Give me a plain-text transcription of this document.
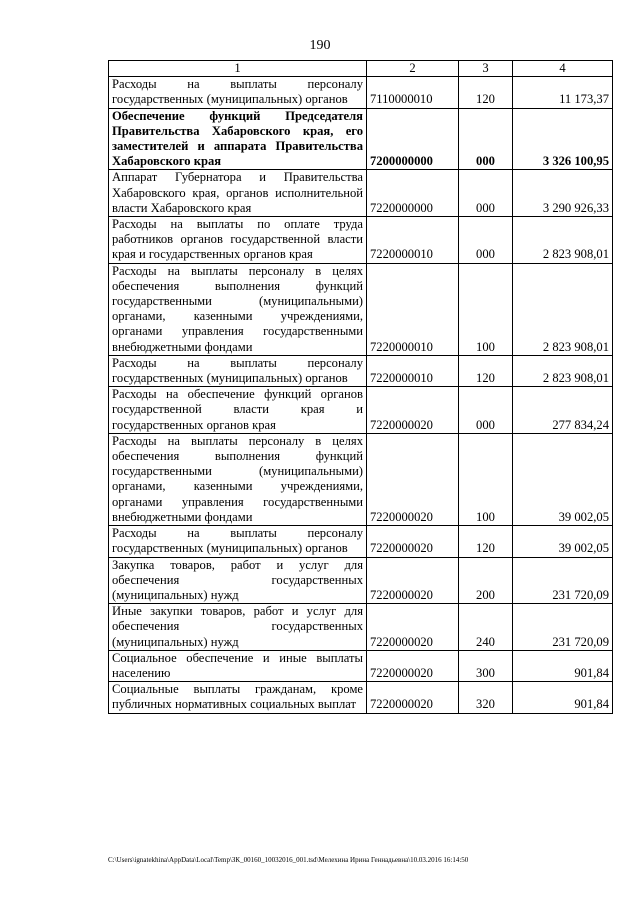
190
1	2	3	4
Расходы на выплаты персоналу государственных (муниципальных) органов	7110000010	120	11 173,37
Обеспечение функций Председателя Правительства Хабаровского края, его заместителей и аппарата Правительства Хабаровского края	7200000000	000	3 326 100,95
Аппарат Губернатора и Правительства Хабаровского края, органов исполнительной власти Хабаровского края	7220000000	000	3 290 926,33
Расходы на выплаты по оплате труда работников органов государственной власти края и государственных органов края	7220000010	000	2 823 908,01
Расходы на выплаты персоналу в целях обеспечения выполнения функций государственными (муниципальными) органами, казенными учреждениями, органами управления государственными внебюджетными фондами	7220000010	100	2 823 908,01
Расходы на выплаты персоналу государственных (муниципальных) органов	7220000010	120	2 823 908,01
Расходы на обеспечение функций органов государственной власти края и государственных органов края	7220000020	000	277 834,24
Расходы на выплаты персоналу в целях обеспечения выполнения функций государственными (муниципальными) органами, казенными учреждениями, органами управления государственными внебюджетными фондами	7220000020	100	39 002,05
Расходы на выплаты персоналу государственных (муниципальных) органов	7220000020	120	39 002,05
Закупка товаров, работ и услуг для обеспечения государственных (муниципальных) нужд	7220000020	200	231 720,09
Иные закупки товаров, работ и услуг для обеспечения государственных (муниципальных) нужд	7220000020	240	231 720,09
Социальное обеспечение и иные выплаты населению	7220000020	300	901,84
Социальные выплаты гражданам, кроме публичных нормативных социальных выплат	7220000020	320	901,84
C:\Users\ignatekhina\AppData\Local\Temp\ЗК_00160_10032016_001.tsd\Мелехина Ирина Геннадьевна\10.03.2016 16:14:50
